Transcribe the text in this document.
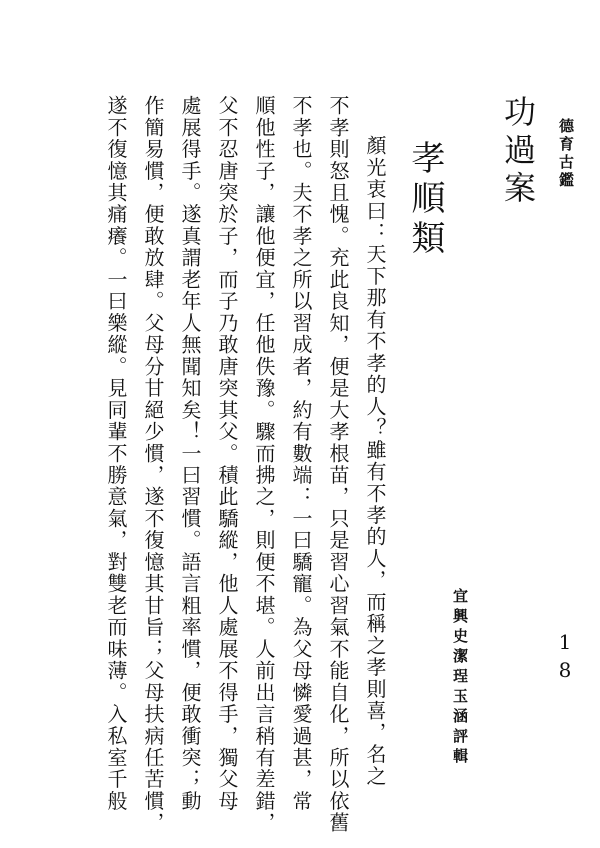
德育古鑑
功過案
孝順類
宜興史潔珵玉涵評輯	18
顏光衷曰：天下那有不孝的人？雖有不孝的人，而稱之孝則喜，名之
不孝則怒且愧。充此良知，便是大孝根苗，只是習心習氣不能自化，所以依舊
不孝也。夫不孝之所以習成者，約有數端：一曰驕寵。為父母憐愛過甚，常
順他性子，讓他便宜，任他佚豫。驟而拂之，則便不堪。人前出言稍有差錯，
父不忍唐突於子，而子乃敢唐突其父。積此驕縱，他人處展不得手，獨父母
處展得手。遂真謂老年人無聞知矣！一曰習慣。語言粗率慣，便敢衝突；動
作簡易慣，便敢放肆。父母分甘絕少慣，遂不復憶其甘旨；父母扶病任苦慣，
遂不復憶其痛癢。一曰樂縱。見同輩不勝意氣，對雙老而味薄。入私室千般
